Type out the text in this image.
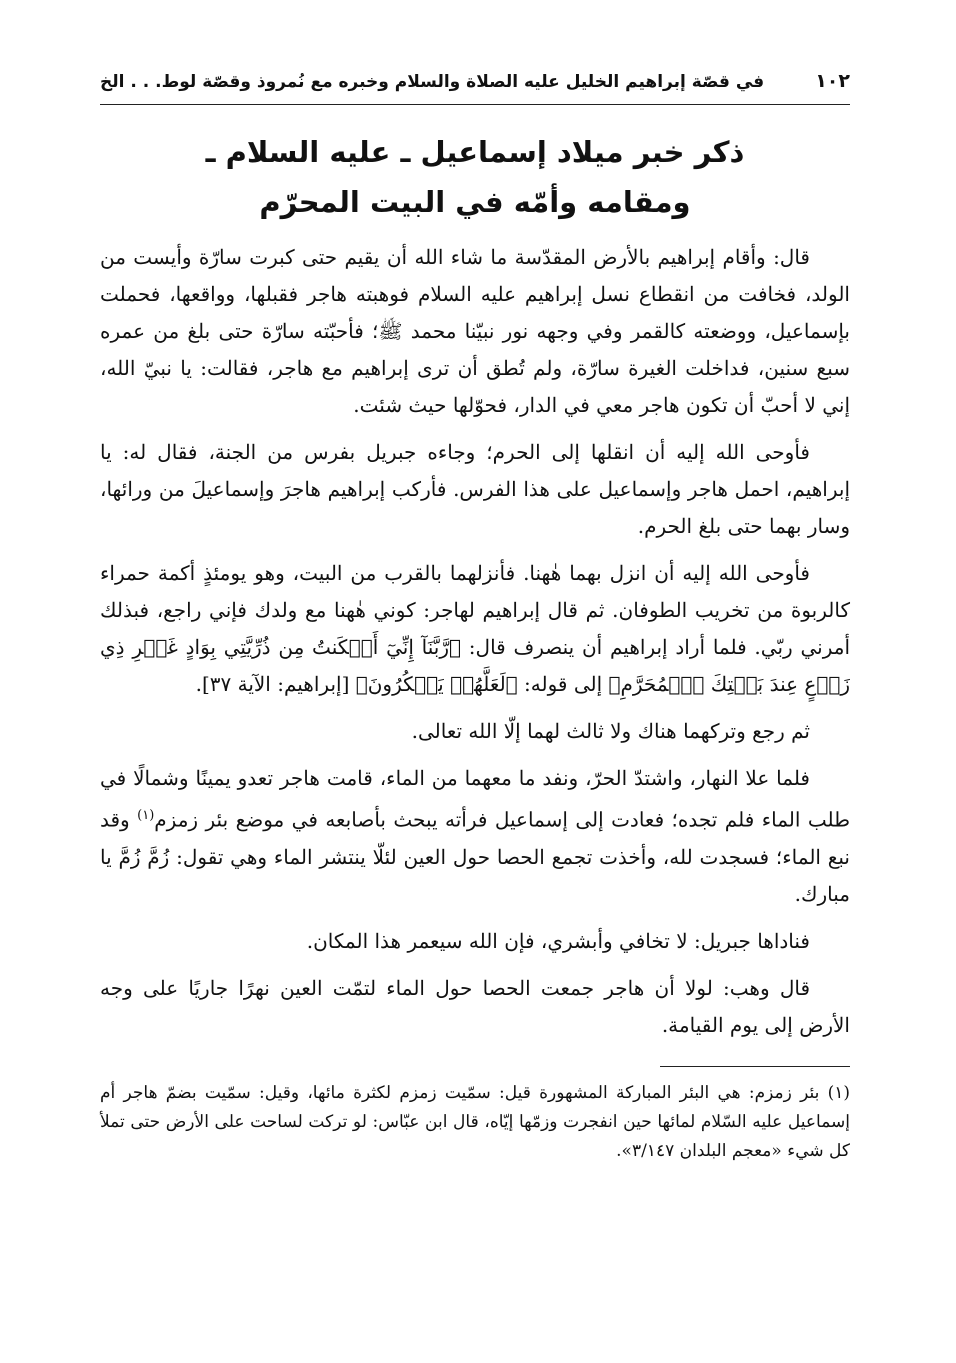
١٠٢
في قصّة إبراهيم الخليل عليه الصلاة والسلام وخبره مع نُمروذ وقصّة لوط. . . الخ
ذكر خبر ميلاد إسماعيل ـ عليه السلام ـ
ومقامه وأمّه في البيت المحرّم

قال: وأقام إبراهيم بالأرض المقدّسة ما شاء الله أن يقيم حتى كبرت سارّة وأيست من الولد، فخافت من انقطاع نسل إبراهيم عليه السلام فوهبته هاجر فقبلها، وواقعها، فحملت بإسماعيل، ووضعته كالقمر وفي وجهه نور نبيّنا محمد ﷺ؛ فأحبّته سارّة حتى بلغ من عمره سبع سنين، فداخلت الغيرة سارّة، ولم تُطق أن ترى إبراهيم مع هاجر، فقالت: يا نبيّ الله، إني لا أحبّ أن تكون هاجر معي في الدار، فحوّلها حيث شئت.

فأوحى الله إليه أن انقلها إلى الحرم؛ وجاءه جبريل بفرس من الجنة، فقال له: يا إبراهيم، احمل هاجر وإسماعيل على هذا الفرس. فأركب إبراهيم هاجرَ وإسماعيلَ من ورائها، وسار بهما حتى بلغ الحرم.

فأوحى الله إليه أن انزل بهما هٰهنا. فأنزلهما بالقرب من البيت، وهو يومئذٍ أكمة حمراء كالربوة من تخريب الطوفان. ثم قال إبراهيم لهاجر: كوني هٰهنا مع ولدك فإني راجع، فبذلك أمرني ربّي. فلما أراد إبراهيم أن ينصرف قال: ﴿رَّبَّنَآ إِنِّيٓ أَسۡكَنتُ مِن ذُرِّيَّتِي بِوَادٍ غَيۡرِ ذِي زَرۡعٍ عِندَ بَيۡتِكَ ٱلۡمُحَرَّمِ﴾ إلى قوله: ﴿لَعَلَّهُمۡ يَشۡكُرُونَ﴾ [إبراهيم: الآية ٣٧].

ثم رجع وتركهما هناك ولا ثالث لهما إلّا الله تعالى.

فلما علا النهار، واشتدّ الحرّ، ونفد ما معهما من الماء، قامت هاجر تعدو يمينًا وشمالًا في طلب الماء فلم تجده؛ فعادت إلى إسماعيل فرأته يبحث بأصابعه في موضع بئر زمزم$^{(١)}$ وقد نبع الماء؛ فسجدت لله، وأخذت تجمع الحصا حول العين لئلّا ينتشر الماء وهي تقول: زُمَّ زُمَّ يا مبارك.

فناداها جبريل: لا تخافي وأبشري، فإن الله سيعمر هذا المكان.

قال وهب: لولا أن هاجر جمعت الحصا حول الماء لتمّت العين نهرًا جاريًا على وجه الأرض إلى يوم القيامة.

(١) بئر زمزم: هي البئر المباركة المشهورة قيل: سمّيت زمزم لكثرة مائها، وقيل: سمّيت بضمّ هاجر أم إسماعيل عليه السّلام لمائها حين انفجرت وزمّها إيّاه، قال ابن عبّاس: لو تركت لساحت على الأرض حتى تملأ كل شيء «معجم البلدان ٣/١٤٧».
